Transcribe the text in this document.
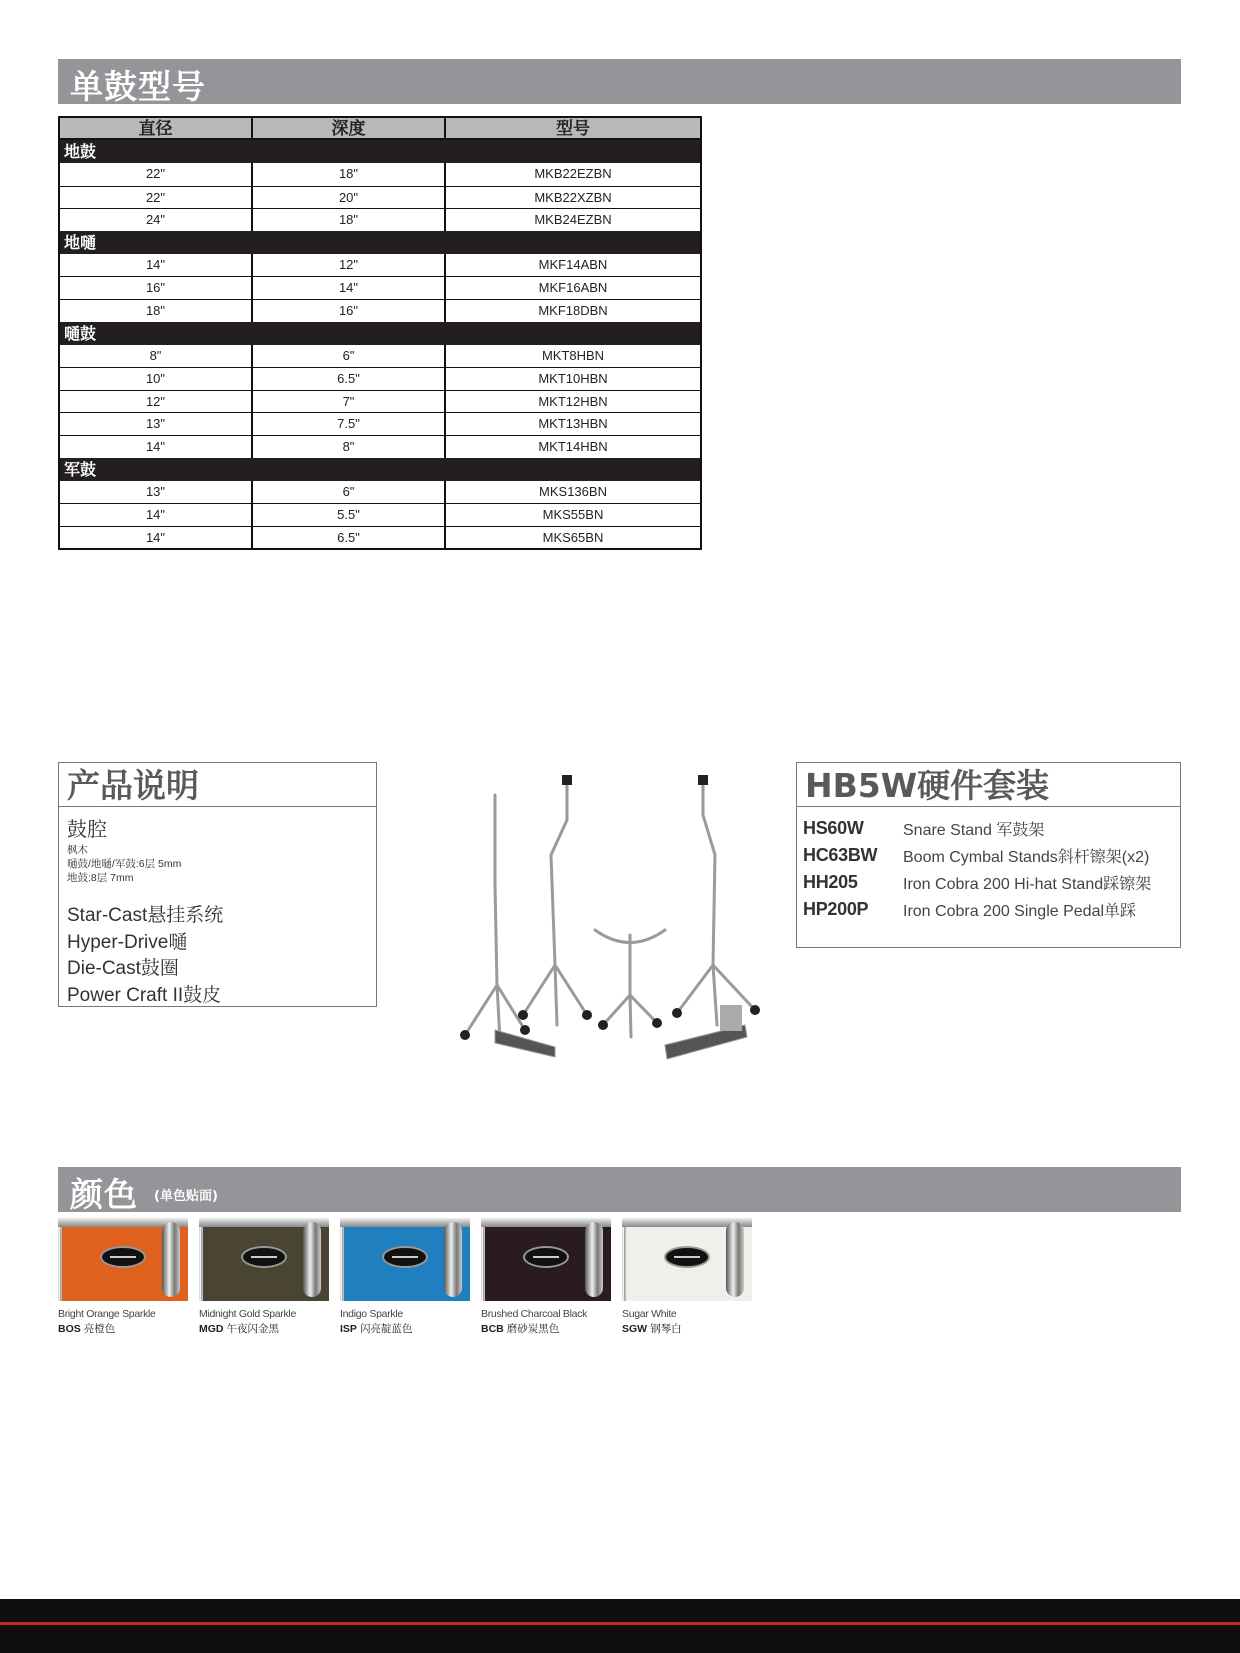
单鼓型号
直径	深度	型号
地鼓
22"	18"	MKB22EZBN
22"	20"	MKB22XZBN
24"	18"	MKB24EZBN
地嗵
14"	12"	MKF14ABN
16"	14"	MKF16ABN
18"	16"	MKF18DBN
嗵鼓
8"	6"	MKT8HBN
10"	6.5"	MKT10HBN
12"	7"	MKT12HBN
13"	7.5"	MKT13HBN
14"	8"	MKT14HBN
军鼓
13"	6"	MKS136BN
14"	5.5"	MKS55BN
14"	6.5"	MKS65BN
产品说明
鼓腔
枫木
嗵鼓/地嗵/军鼓:6层 5mm
地鼓:8层 7mm
Star-Cast悬挂系统
Hyper-Drive嗵
Die-Cast鼓圈
Power Craft II鼓皮
HB5W硬件套装
HS60W	Snare Stand 军鼓架
HC63BW	Boom Cymbal Stands斜杆镲架(x2)
HH205	Iron Cobra 200 Hi-hat Stand踩镲架
HP200P	Iron Cobra 200 Single Pedal单踩
颜色 (单色贴面)
Bright Orange Sparkle
BOS 亮橙色
Midnight Gold Sparkle
MGD 午夜闪金黑
Indigo Sparkle
ISP 闪亮靛蓝色
Brushed Charcoal Black
BCB 磨砂炭黑色
Sugar White
SGW 钢琴白
